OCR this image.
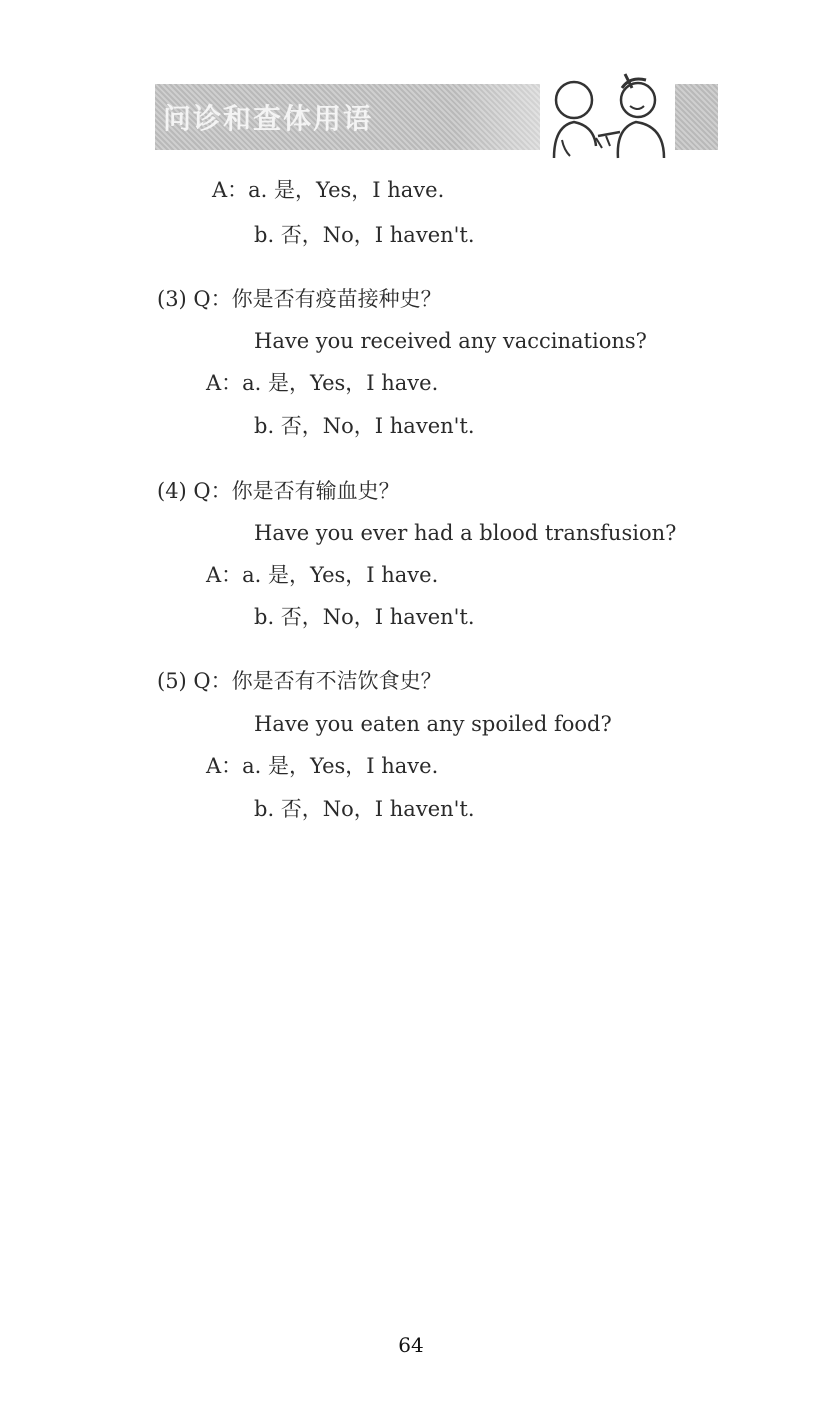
问诊和查体用语
A：a. 是，Yes，I have.
b. 否，No，I haven't.
(3) Q：你是否有疫苗接种史？
Have you received any vaccinations?
A：a. 是，Yes，I have.
b. 否，No，I haven't.
(4) Q：你是否有输血史？
Have you ever had a blood transfusion?
A：a. 是，Yes，I have.
b. 否，No，I haven't.
(5) Q：你是否有不洁饮食史？
Have you eaten any spoiled food?
A：a. 是，Yes，I have.
b. 否，No，I haven't.
64
